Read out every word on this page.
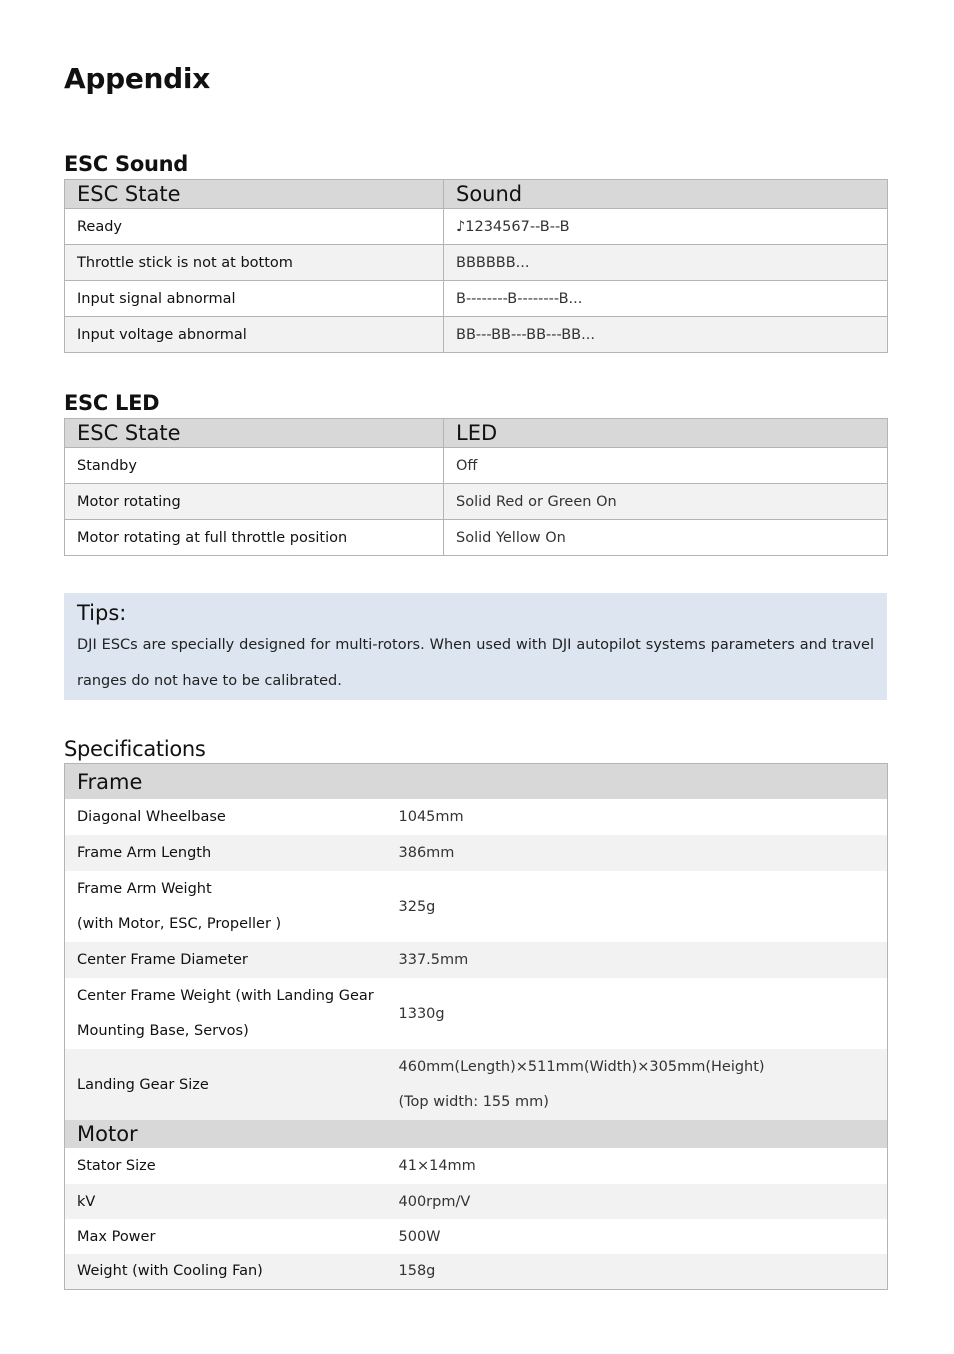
Appendix
ESC Sound
ESC State	Sound
Ready	♪1234567--B--B
Throttle stick is not at bottom	BBBBBB...
Input signal abnormal	B--------B--------B...
Input voltage abnormal	BB---BB---BB---BB...
ESC LED
ESC State	LED
Standby	Off
Motor rotating	Solid Red or Green On
Motor rotating at full throttle position	Solid Yellow On
Tips:
DJI ESCs are specially designed for multi-rotors. When used with DJI autopilot systems parameters and travel ranges do not have to be calibrated.
Specifications
Frame	
Diagonal Wheelbase	1045mm
Frame Arm Length	386mm

Frame Arm Weight
(with Motor, ESC, Propeller )	325g
Center Frame Diameter	337.5mm

Center Frame Weight (with Landing Gear
Mounting Base, Servos)	1330g
Landing Gear Size	460mm(Length)×511mm(Width)×305mm(Height)
(Top width: 155 mm)

Motor	
Stator Size	41×14mm
kV	400rpm/V
Max Power	500W
Weight (with Cooling Fan)	158g
